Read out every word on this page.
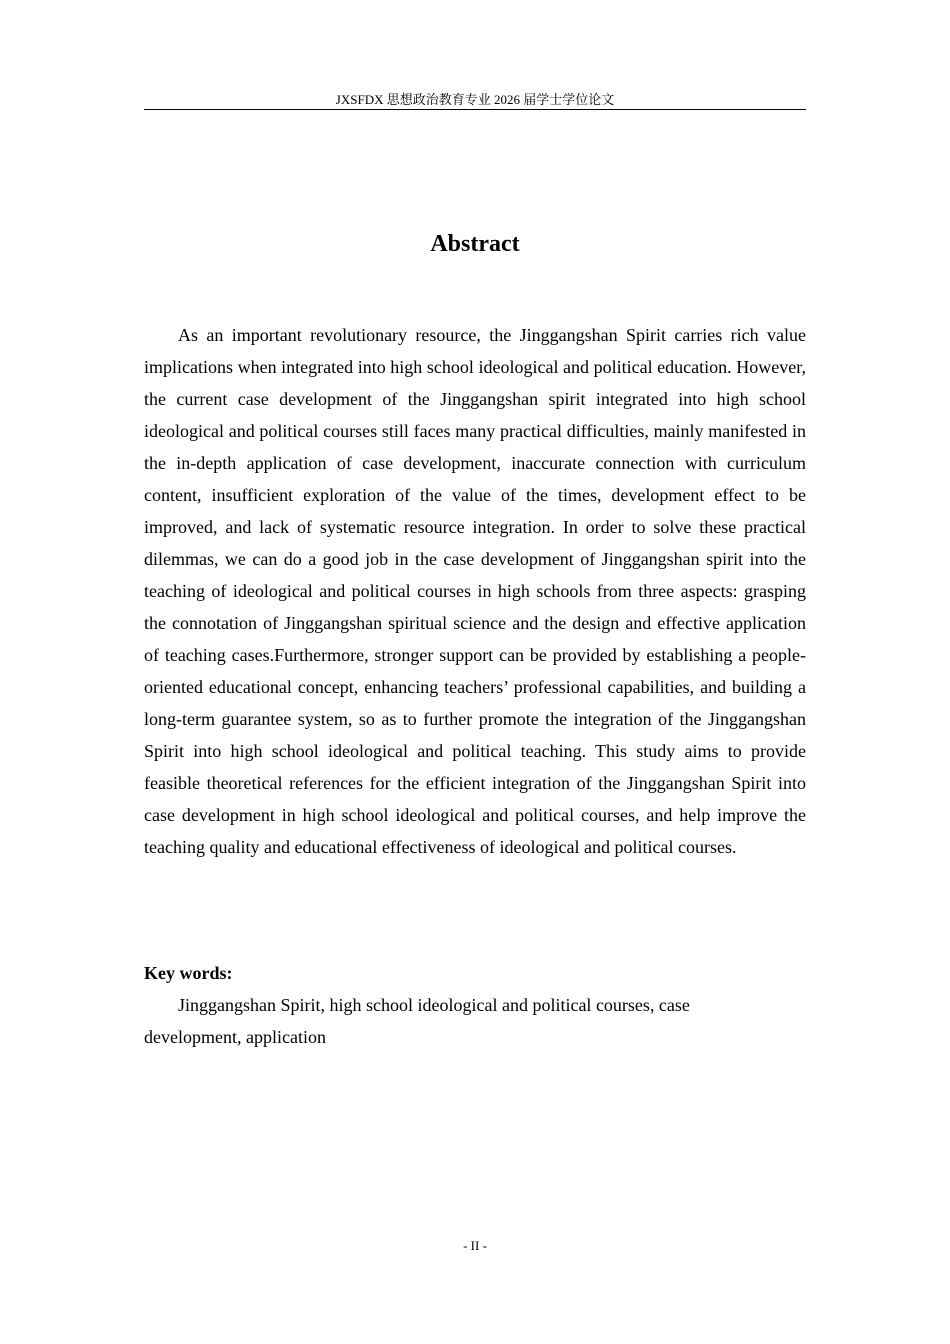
JXSFDX 思想政治教育专业 2026 届学士学位论文
Abstract

As an important revolutionary resource, the Jinggangshan Spirit carries rich value implications when integrated into high school ideological and political education. However, the current case development of the Jinggangshan spirit integrated into high school ideological and political courses still faces many practical difficulties, mainly manifested in the in-depth application of case development, inaccurate connection with curriculum content, insufficient exploration of the value of the times, development effect to be improved, and lack of systematic resource integration. In order to solve these practical dilemmas, we can do a good job in the case development of Jinggangshan spirit into the teaching of ideological and political courses in high schools from three aspects: grasping the connotation of Jinggangshan spiritual science and the design and effective application of teaching cases.Furthermore, stronger support can be provided by establishing a people-oriented educational concept, enhancing teachers’ professional capabilities, and building a long-term guarantee system, so as to further promote the integration of the Jinggangshan Spirit into high school ideological and political teaching. This study aims to provide feasible theoretical references for the efficient integration of the Jinggangshan Spirit into case development in high school ideological and political courses, and help improve the teaching quality and educational effectiveness of ideological and political courses.

Key words:

Jinggangshan Spirit, high school ideological and political courses, case development, application

- II -
